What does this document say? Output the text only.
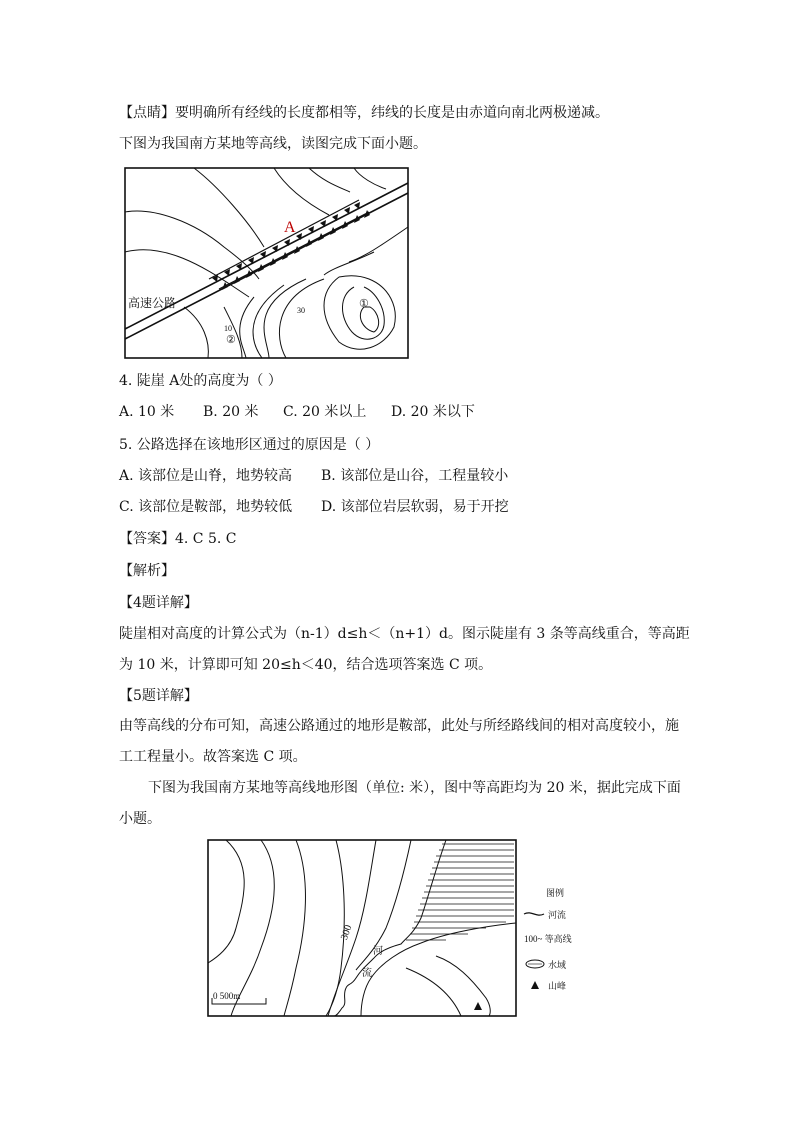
【点睛】要明确所有经线的长度都相等，纬线的长度是由赤道向南北两极递减。
下图为我国南方某地等高线，读图完成下面小题。
A
高速公路
10
30
①
②
4. 陡崖 A处的高度为（ ）
A. 10 米 B. 20 米 C. 20 米以上 D. 20 米以下
5. 公路选择在该地形区通过的原因是（ ）
A. 该部位是山脊，地势较高 B. 该部位是山谷，工程量较小
C. 该部位是鞍部，地势较低 D. 该部位岩层软弱，易于开挖
【答案】4. C 5. C
【解析】
【4题详解】
陡崖相对高度的计算公式为（n-1）d≤h＜（n+1）d。图示陡崖有 3 条等高线重合，等高距
为 10 米，计算即可知 20≤h＜40，结合选项答案选 C 项。
【5题详解】
由等高线的分布可知，高速公路通过的地形是鞍部，此处与所经路线间的相对高度较小，施
工工程量小。故答案选 C 项。
下图为我国南方某地等高线地形图（单位: 米），图中等高距均为 20 米，据此完成下面
小题。
300
河
流
0 500m
图例
河流
100~ 等高线
水域
山峰
